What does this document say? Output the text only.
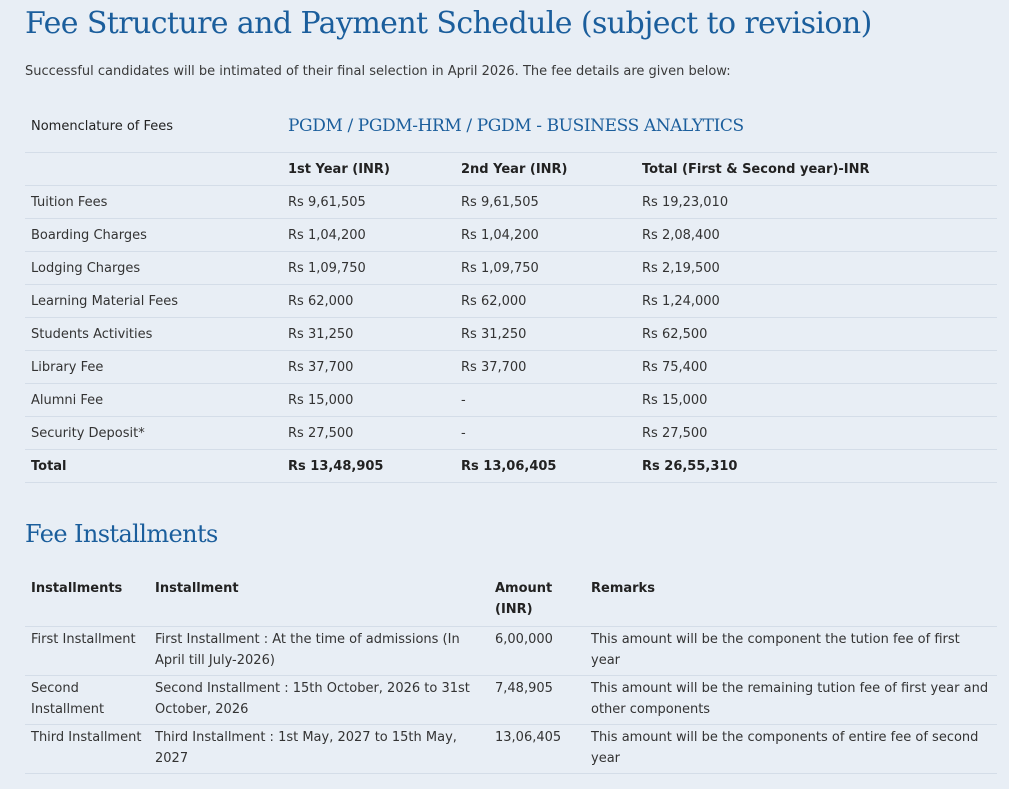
Fee Structure and Payment Schedule (subject to revision)
Successful candidates will be intimated of their final selection in April 2026. The fee details are given below:
Nomenclature of Fees	PGDM / PGDM-HRM / PGDM - BUSINESS ANALYTICS		
	1st Year (INR)	2nd Year (INR)	Total (First & Second year)-INR
Tuition Fees	Rs 9,61,505	Rs 9,61,505	Rs 19,23,010
Boarding Charges	Rs 1,04,200	Rs 1,04,200	Rs 2,08,400
Lodging Charges	Rs 1,09,750	Rs 1,09,750	Rs 2,19,500
Learning Material Fees	Rs 62,000	Rs 62,000	Rs 1,24,000
Students Activities	Rs 31,250	Rs 31,250	Rs 62,500
Library Fee	Rs 37,700	Rs 37,700	Rs 75,400
Alumni Fee	Rs 15,000	-	Rs 15,000
Security Deposit*	Rs 27,500	-	Rs 27,500
Total	Rs 13,48,905	Rs 13,06,405	Rs 26,55,310
Fee Installments
Installments	Installment	Amount (INR)	Remarks
First Installment	First Installment : At the time of admissions (In April till July-2026)	6,00,000	This amount will be the component the tution fee of first year
Second Installment	Second Installment : 15th October, 2026 to 31st October, 2026	7,48,905	This amount will be the remaining tution fee of first year and other components
Third Installment	Third Installment : 1st May, 2027 to 15th May, 2027	13,06,405	This amount will be the components of entire fee of second year
